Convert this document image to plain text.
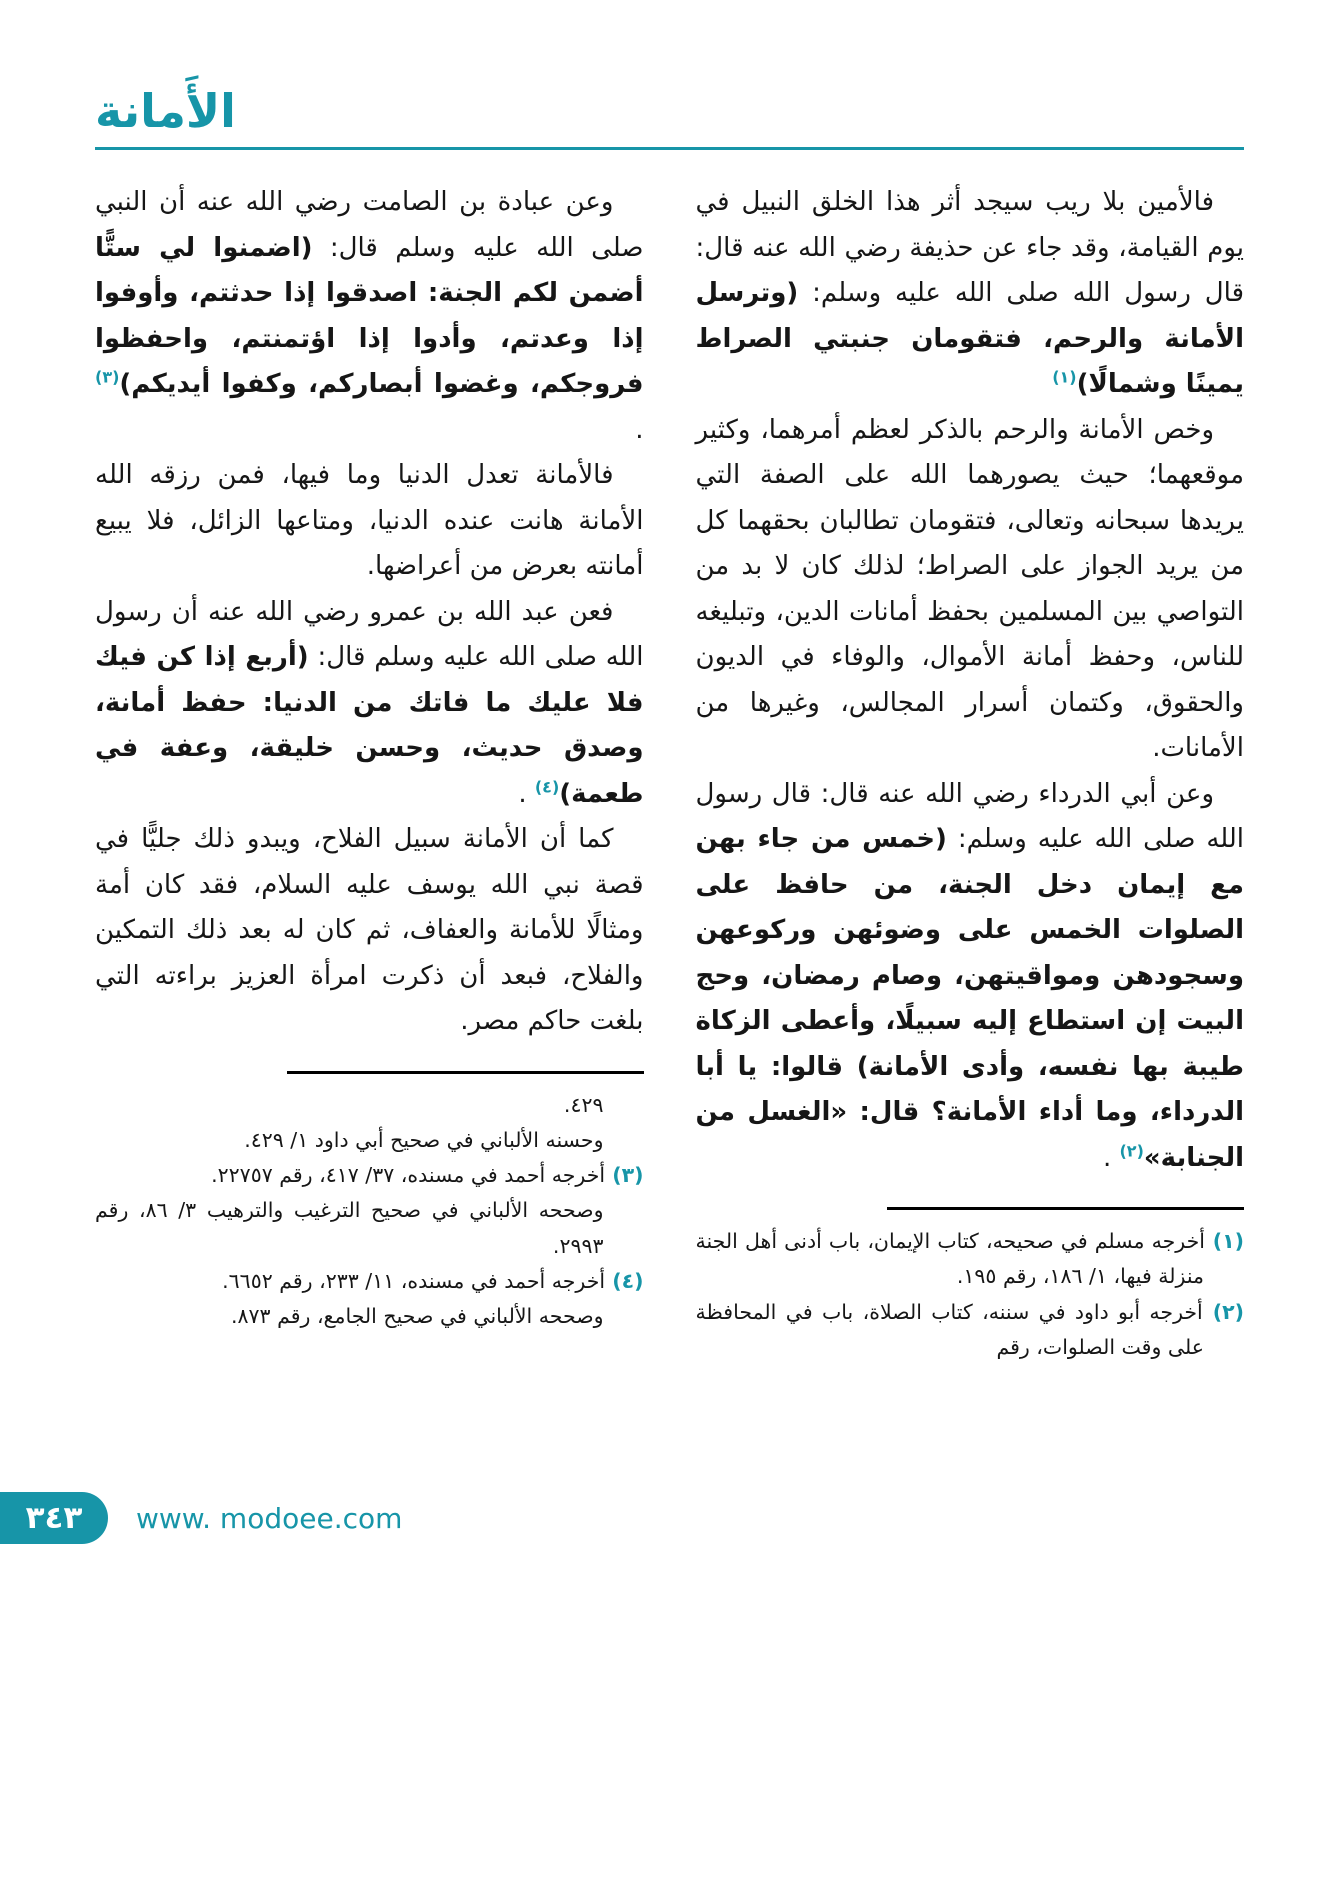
الأَمانة

فالأمين بلا ريب سيجد أثر هذا الخلق النبيل في يوم القيامة، وقد جاء عن حذيفة رضي الله عنه قال: قال رسول الله صلى الله عليه وسلم: (وترسل الأمانة والرحم، فتقومان جنبتي الصراط يمينًا وشمالًا)$^{(١)}$

وخص الأمانة والرحم بالذكر لعظم أمرهما، وكثير موقعهما؛ حيث يصورهما الله على الصفة التي يريدها سبحانه وتعالى، فتقومان تطالبان بحقهما كل من يريد الجواز على الصراط؛ لذلك كان لا بد من التواصي بين المسلمين بحفظ أمانات الدين، وتبليغه للناس، وحفظ أمانة الأموال، والوفاء في الديون والحقوق، وكتمان أسرار المجالس، وغيرها من الأمانات.

وعن أبي الدرداء رضي الله عنه قال: قال رسول الله صلى الله عليه وسلم: (خمس من جاء بهن مع إيمان دخل الجنة، من حافظ على الصلوات الخمس على وضوئهن وركوعهن وسجودهن ومواقيتهن، وصام رمضان، وحج البيت إن استطاع إليه سبيلًا، وأعطى الزكاة طيبة بها نفسه، وأدى الأمانة) قالوا: يا أبا الدرداء، وما أداء الأمانة؟ قال: «الغسل من الجنابة»$^{(٢)}$ .

(١) أخرجه مسلم في صحيحه، كتاب الإيمان، باب أدنى أهل الجنة منزلة فيها، ١/ ١٨٦، رقم ١٩٥.

(٢) أخرجه أبو داود في سننه، كتاب الصلاة، باب في المحافظة على وقت الصلوات، رقم

وعن عبادة بن الصامت رضي الله عنه أن النبي صلى الله عليه وسلم قال: (اضمنوا لي ستًّا أضمن لكم الجنة: اصدقوا إذا حدثتم، وأوفوا إذا وعدتم، وأدوا إذا اؤتمنتم، واحفظوا فروجكم، وغضوا أبصاركم، وكفوا أيديكم)$^{(٣)}$ .

فالأمانة تعدل الدنيا وما فيها، فمن رزقه الله الأمانة هانت عنده الدنيا، ومتاعها الزائل، فلا يبيع أمانته بعرض من أعراضها.

فعن عبد الله بن عمرو رضي الله عنه أن رسول الله صلى الله عليه وسلم قال: (أربع إذا كن فيك فلا عليك ما فاتك من الدنيا: حفظ أمانة، وصدق حديث، وحسن خليقة، وعفة في طعمة)$^{(٤)}$ .

كما أن الأمانة سبيل الفلاح، ويبدو ذلك جليًّا في قصة نبي الله يوسف عليه السلام، فقد كان أمة ومثالًا للأمانة والعفاف، ثم كان له بعد ذلك التمكين والفلاح، فبعد أن ذكرت امرأة العزيز براءته التي بلغت حاكم مصر.

٤٢٩.

وحسنه الألباني في صحيح أبي داود ١/ ٤٢٩.

(٣) أخرجه أحمد في مسنده، ٣٧/ ٤١٧، رقم ٢٢٧٥٧.

وصححه الألباني في صحيح الترغيب والترهيب ٣/ ٨٦، رقم ٢٩٩٣.

(٤) أخرجه أحمد في مسنده، ١١/ ٢٣٣، رقم ٦٦٥٢.

وصححه الألباني في صحيح الجامع، رقم ٨٧٣.

٣٤٣ www. modoee.com
